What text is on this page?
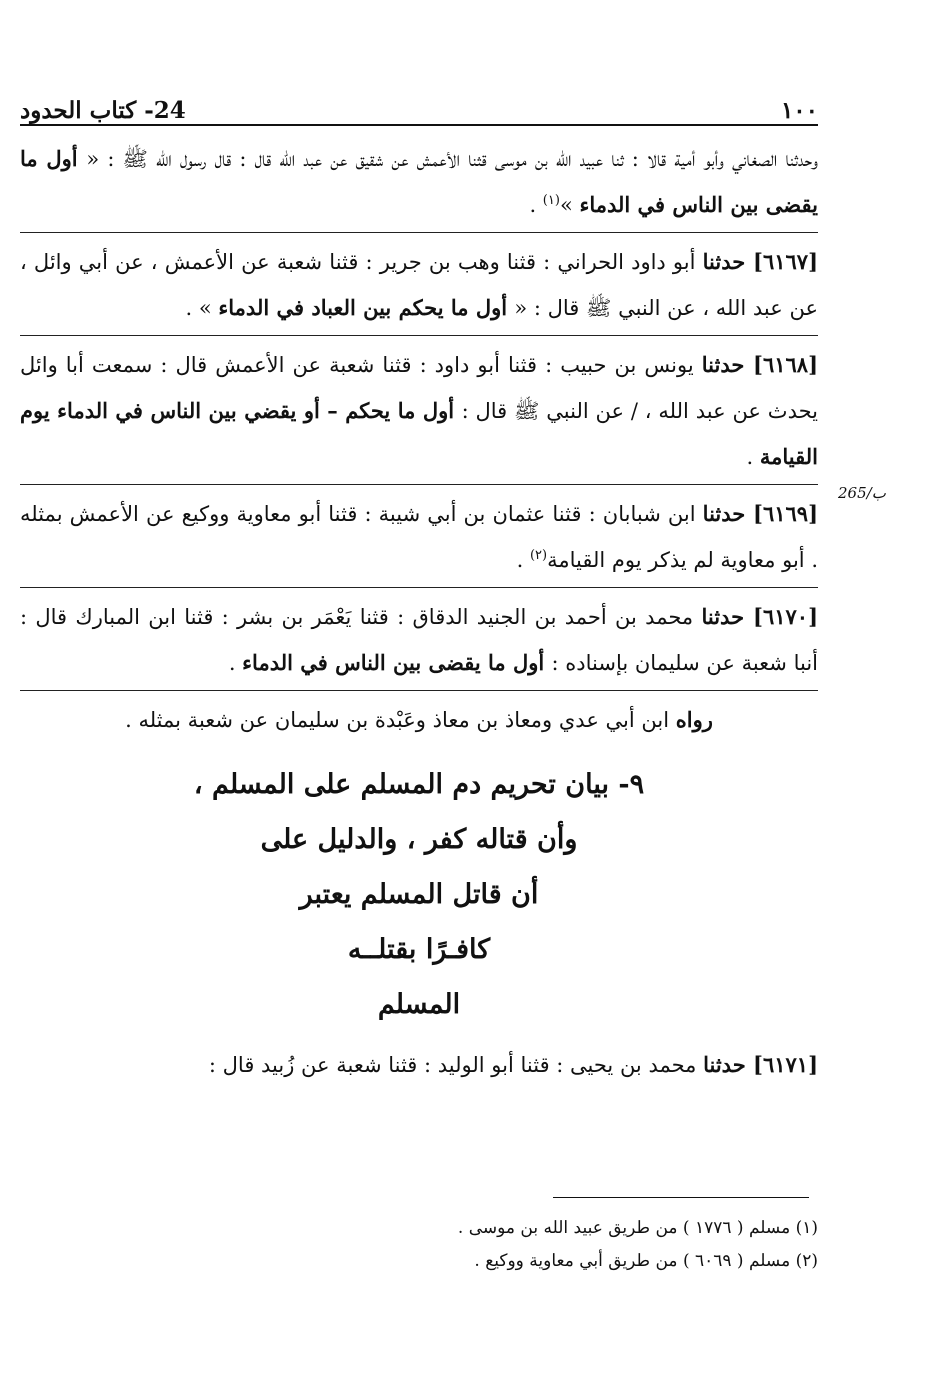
١٠٠
24- كتاب الحدود

وحدثنا الصغاني وأبو أمية قالا : ثنا عبيد الله بن موسى قثنا الأعمش عن شقيق عن عبد الله قال : قال رسول الله ﷺ : « أول ما يقضى بين الناس في الدماء »$^{(١)}$ .

[٦١٦٧] حدثنا أبو داود الحراني : قثنا وهب بن جرير : قثنا شعبة عن الأعمش ، عن أبي وائل ، عن عبد الله ، عن النبي ﷺ قال : « أول ما يحكم بين العباد في الدماء » .

[٦١٦٨] حدثنا يونس بن حبيب : قثنا أبو داود : قثنا شعبة عن الأعمش قال : سمعت أبا وائل يحدث عن عبد الله ، / عن النبي ﷺ قال : أول ما يحكم – أو يقضي بين الناس في الدماء يوم القيامة .

[٦١٦٩] حدثنا ابن شبابان : قثنا عثمان بن أبي شيبة : قثنا أبو معاوية ووكيع عن الأعمش بمثله . أبو معاوية لم يذكر يوم القيامة$^{(٢)}$ .

[٦١٧٠] حدثنا محمد بن أحمد بن الجنيد الدقاق : قثنا يَعْمَر بن بشر : قثنا ابن المبارك قال : أنبا شعبة عن سليمان بإسناده : أول ما يقضى بين الناس في الدماء .

رواه ابن أبي عدي ومعاذ بن معاذ وعَبْدة بن سليمان عن شعبة بمثله .

٩- بيان تحريم دم المسلم على المسلم ،
وأن قتاله كفر ، والدليل على
أن قاتل المسلم يعتبر
كافـرًا بقتلــه
المسلم

[٦١٧١] حدثنا محمد بن يحيى : قثنا أبو الوليد : قثنا شعبة عن زُبيد قال :

265/ب

(١) مسلم ( ١٧٧٦ ) من طريق عبيد الله بن موسى .

(٢) مسلم ( ٦٠٦٩ ) من طريق أبي معاوية ووكيع .
